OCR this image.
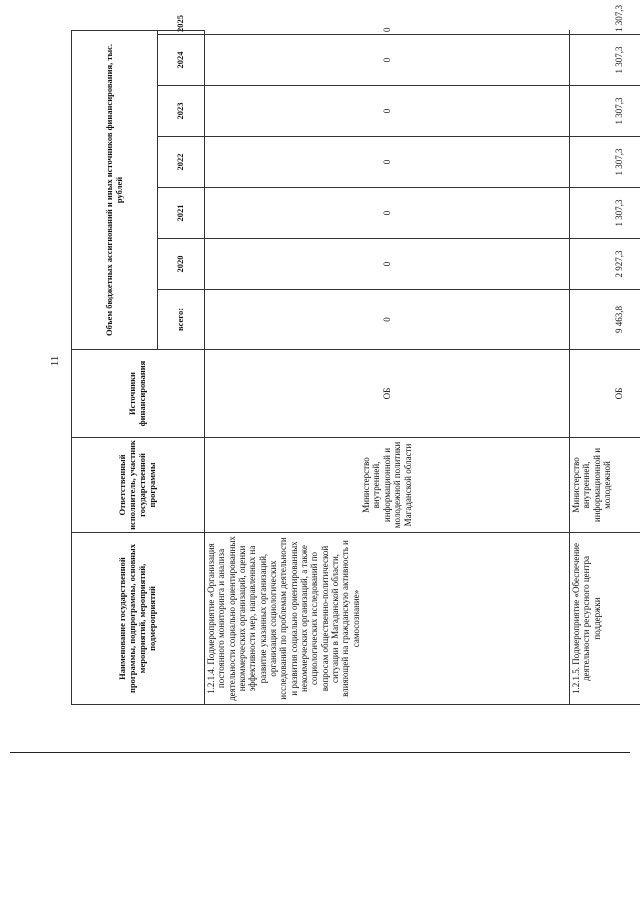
11
Наименование государственной программы, подпрограммы, основных мероприятий, мероприятий, подмероприятий	Ответственный исполнитель, участник государственной программы	Источники финансирования	Объем бюджетных ассигнований и иных источников финансирования, тыс. рублей							
			всего:	2020	2021	2022	2023	2024	2025	
1.2.1.4. Подмероприятие «Организация постоянного мониторинга и анализа деятельности социально ориентированных некоммерческих организаций, оценки эффективности мер, направленных на развитие указанных организаций, организация социологических исследований по проблемам деятельности и развития социально ориентированных некоммерческих организаций, а также социологических исследований по вопросам общественно-политической ситуации в Магаданской области, влияющей на гражданскую активность и самосознание»	Министерство внутренней, информационной и молодежной политики Магаданской области	ОБ	0	0	0	0	0	0	0	
1.2.1.5. Подмероприятие «Обеспечение деятельности ресурсного центра поддержки	Министерство внутренней, информационной и молодежной	ОБ	9 463,8	2 927,3	1 307,3	1 307,3	1 307,3	1 307,3	1 307,3	
